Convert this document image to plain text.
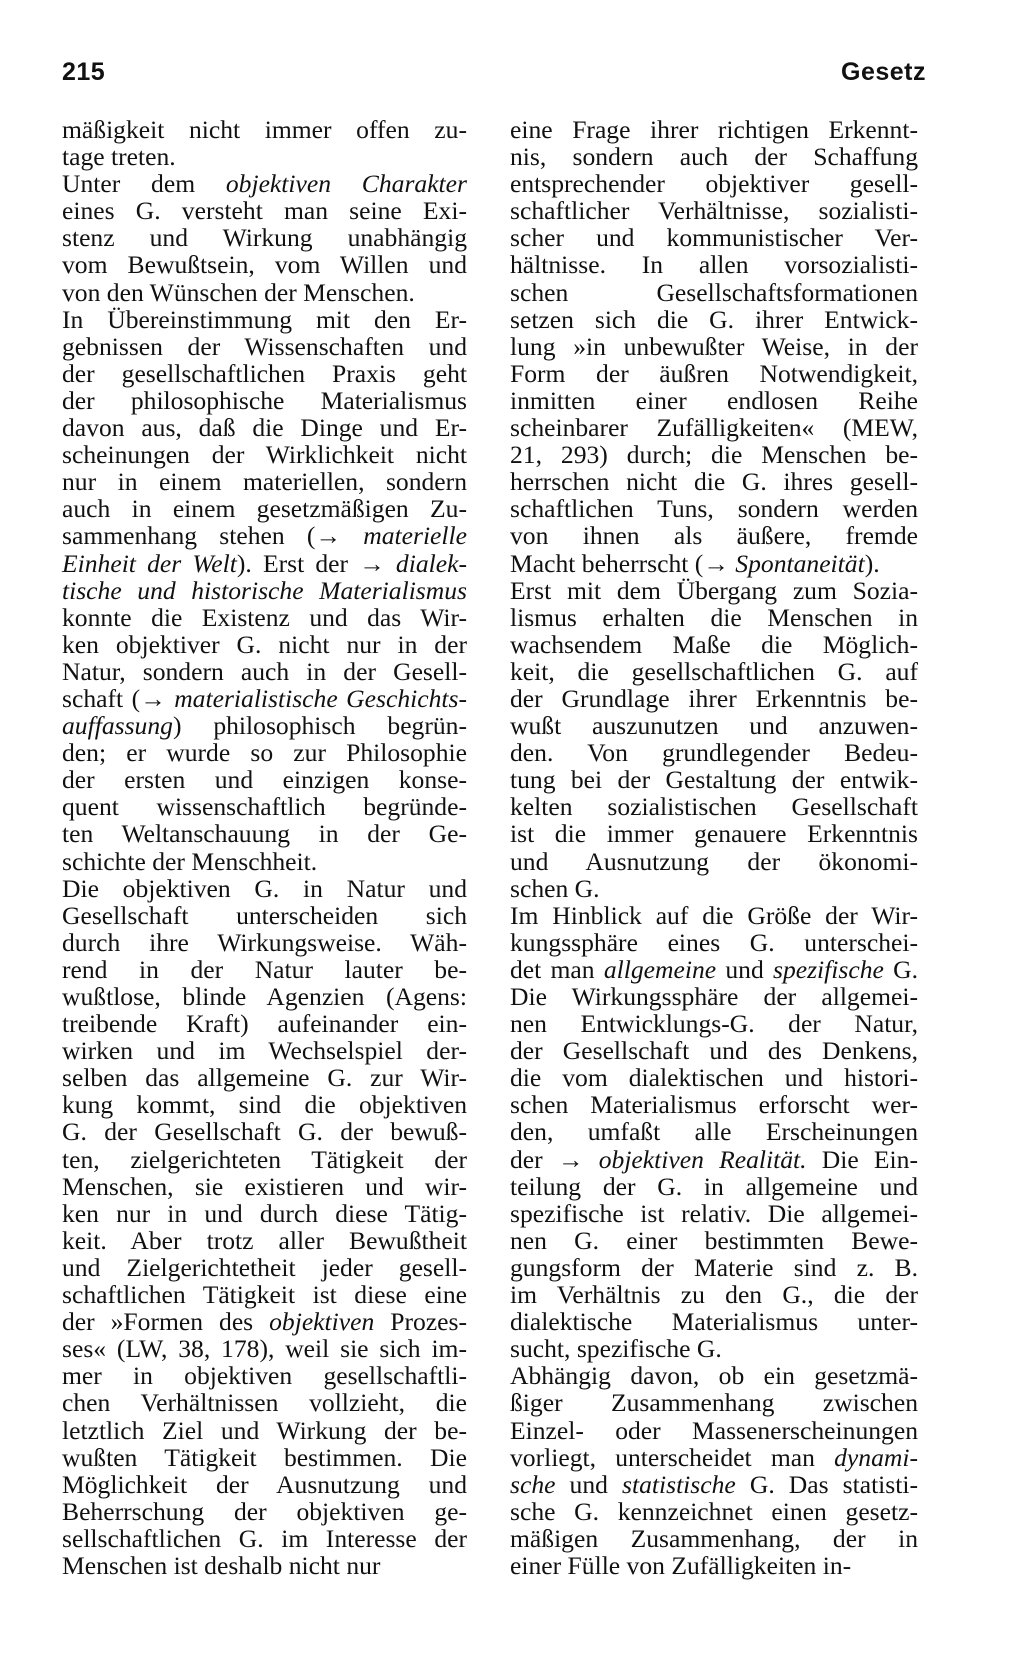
215	Gesetz
mäßigkeit nicht immer offen zu-
tage treten.
Unter dem objektiven Charakter
eines G. versteht man seine Exi-
stenz und Wirkung unabhängig
vom Bewußtsein, vom Willen und
von den Wünschen der Menschen.
In Übereinstimmung mit den Er-
gebnissen der Wissenschaften und
der gesellschaftlichen Praxis geht
der philosophische Materialismus
davon aus, daß die Dinge und Er-
scheinungen der Wirklichkeit nicht
nur in einem materiellen, sondern
auch in einem gesetzmäßigen Zu-
sammenhang stehen (→ materielle
Einheit der Welt). Erst der → dialek-
tische und historische Materialismus
konnte die Existenz und das Wir-
ken objektiver G. nicht nur in der
Natur, sondern auch in der Gesell-
schaft (→ materialistische Geschichts-
auffassung) philosophisch begrün-
den; er wurde so zur Philosophie
der ersten und einzigen konse-
quent wissenschaftlich begründe-
ten Weltanschauung in der Ge-
schichte der Menschheit.
Die objektiven G. in Natur und
Gesellschaft unterscheiden sich
durch ihre Wirkungsweise. Wäh-
rend in der Natur lauter be-
wußtlose, blinde Agenzien (Agens:
treibende Kraft) aufeinander ein-
wirken und im Wechselspiel der-
selben das allgemeine G. zur Wir-
kung kommt, sind die objektiven
G. der Gesellschaft G. der bewuß-
ten, zielgerichteten Tätigkeit der
Menschen, sie existieren und wir-
ken nur in und durch diese Tätig-
keit. Aber trotz aller Bewußtheit
und Zielgerichtetheit jeder gesell-
schaftlichen Tätigkeit ist diese eine
der »Formen des objektiven Prozes-
ses« (LW, 38, 178), weil sie sich im-
mer in objektiven gesellschaftli-
chen Verhältnissen vollzieht, die
letztlich Ziel und Wirkung der be-
wußten Tätigkeit bestimmen. Die
Möglichkeit der Ausnutzung und
Beherrschung der objektiven ge-
sellschaftlichen G. im Interesse der
Menschen ist deshalb nicht nur
eine Frage ihrer richtigen Erkennt-
nis, sondern auch der Schaffung
entsprechender objektiver gesell-
schaftlicher Verhältnisse, sozialisti-
scher und kommunistischer Ver-
hältnisse. In allen vorsozialisti-
schen Gesellschaftsformationen
setzen sich die G. ihrer Entwick-
lung »in unbewußter Weise, in der
Form der äußren Notwendigkeit,
inmitten einer endlosen Reihe
scheinbarer Zufälligkeiten« (MEW,
21, 293) durch; die Menschen be-
herrschen nicht die G. ihres gesell-
schaftlichen Tuns, sondern werden
von ihnen als äußere, fremde
Macht beherrscht (→ Spontaneität).
Erst mit dem Übergang zum Sozia-
lismus erhalten die Menschen in
wachsendem Maße die Möglich-
keit, die gesellschaftlichen G. auf
der Grundlage ihrer Erkenntnis be-
wußt auszunutzen und anzuwen-
den. Von grundlegender Bedeu-
tung bei der Gestaltung der entwik-
kelten sozialistischen Gesellschaft
ist die immer genauere Erkenntnis
und Ausnutzung der ökonomi-
schen G.
Im Hinblick auf die Größe der Wir-
kungssphäre eines G. unterschei-
det man allgemeine und spezifische G.
Die Wirkungssphäre der allgemei-
nen Entwicklungs-G. der Natur,
der Gesellschaft und des Denkens,
die vom dialektischen und histori-
schen Materialismus erforscht wer-
den, umfaßt alle Erscheinungen
der → objektiven Realität. Die Ein-
teilung der G. in allgemeine und
spezifische ist relativ. Die allgemei-
nen G. einer bestimmten Bewe-
gungsform der Materie sind z. B.
im Verhältnis zu den G., die der
dialektische Materialismus unter-
sucht, spezifische G.
Abhängig davon, ob ein gesetzmä-
ßiger Zusammenhang zwischen
Einzel- oder Massenerscheinungen
vorliegt, unterscheidet man dynami-
sche und statistische G. Das statisti-
sche G. kennzeichnet einen gesetz-
mäßigen Zusammenhang, der in
einer Fülle von Zufälligkeiten in-
